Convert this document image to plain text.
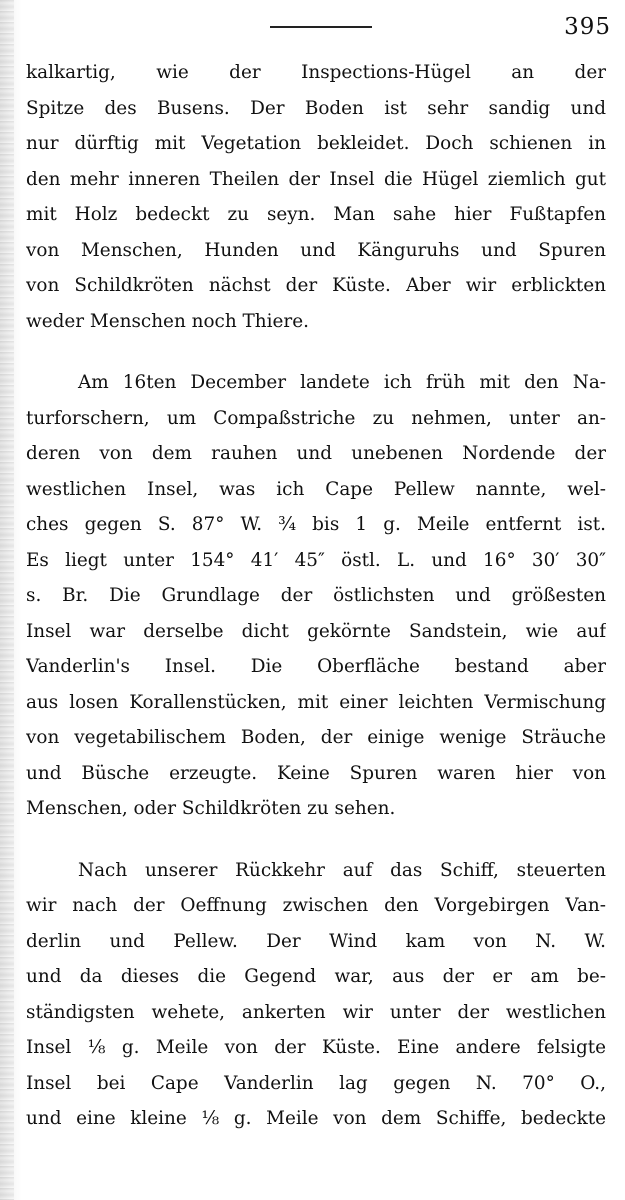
395
kalkartig, wie der Inspections-Hügel an der
Spitze des Busens. Der Boden ist sehr sandig und
nur dürftig mit Vegetation bekleidet. Doch schienen in
den mehr inneren Theilen der Insel die Hügel ziemlich gut
mit Holz bedeckt zu seyn. Man sahe hier Fußtapfen
von Menschen, Hunden und Känguruhs und Spuren
von Schildkröten nächst der Küste. Aber wir erblickten
weder Menschen noch Thiere.
Am 16ten December landete ich früh mit den Na-
turforschern, um Compaßstriche zu nehmen, unter an-
deren von dem rauhen und unebenen Nordende der
westlichen Insel, was ich Cape Pellew nannte, wel-
ches gegen S. 87° W. ¾ bis 1 g. Meile entfernt ist.
Es liegt unter 154° 41′ 45″ östl. L. und 16° 30′ 30″
s. Br. Die Grundlage der östlichsten und größesten
Insel war derselbe dicht gekörnte Sandstein, wie auf
Vanderlin's Insel. Die Oberfläche bestand aber
aus losen Korallenstücken, mit einer leichten Vermischung
von vegetabilischem Boden, der einige wenige Sträuche
und Büsche erzeugte. Keine Spuren waren hier von
Menschen, oder Schildkröten zu sehen.
Nach unserer Rückkehr auf das Schiff, steuerten
wir nach der Oeffnung zwischen den Vorgebirgen Van-
derlin und Pellew. Der Wind kam von N. W.
und da dieses die Gegend war, aus der er am be-
ständigsten wehete, ankerten wir unter der westlichen
Insel ⅛ g. Meile von der Küste. Eine andere felsigte
Insel bei Cape Vanderlin lag gegen N. 70° O.,
und eine kleine ⅛ g. Meile von dem Schiffe, bedeckte
